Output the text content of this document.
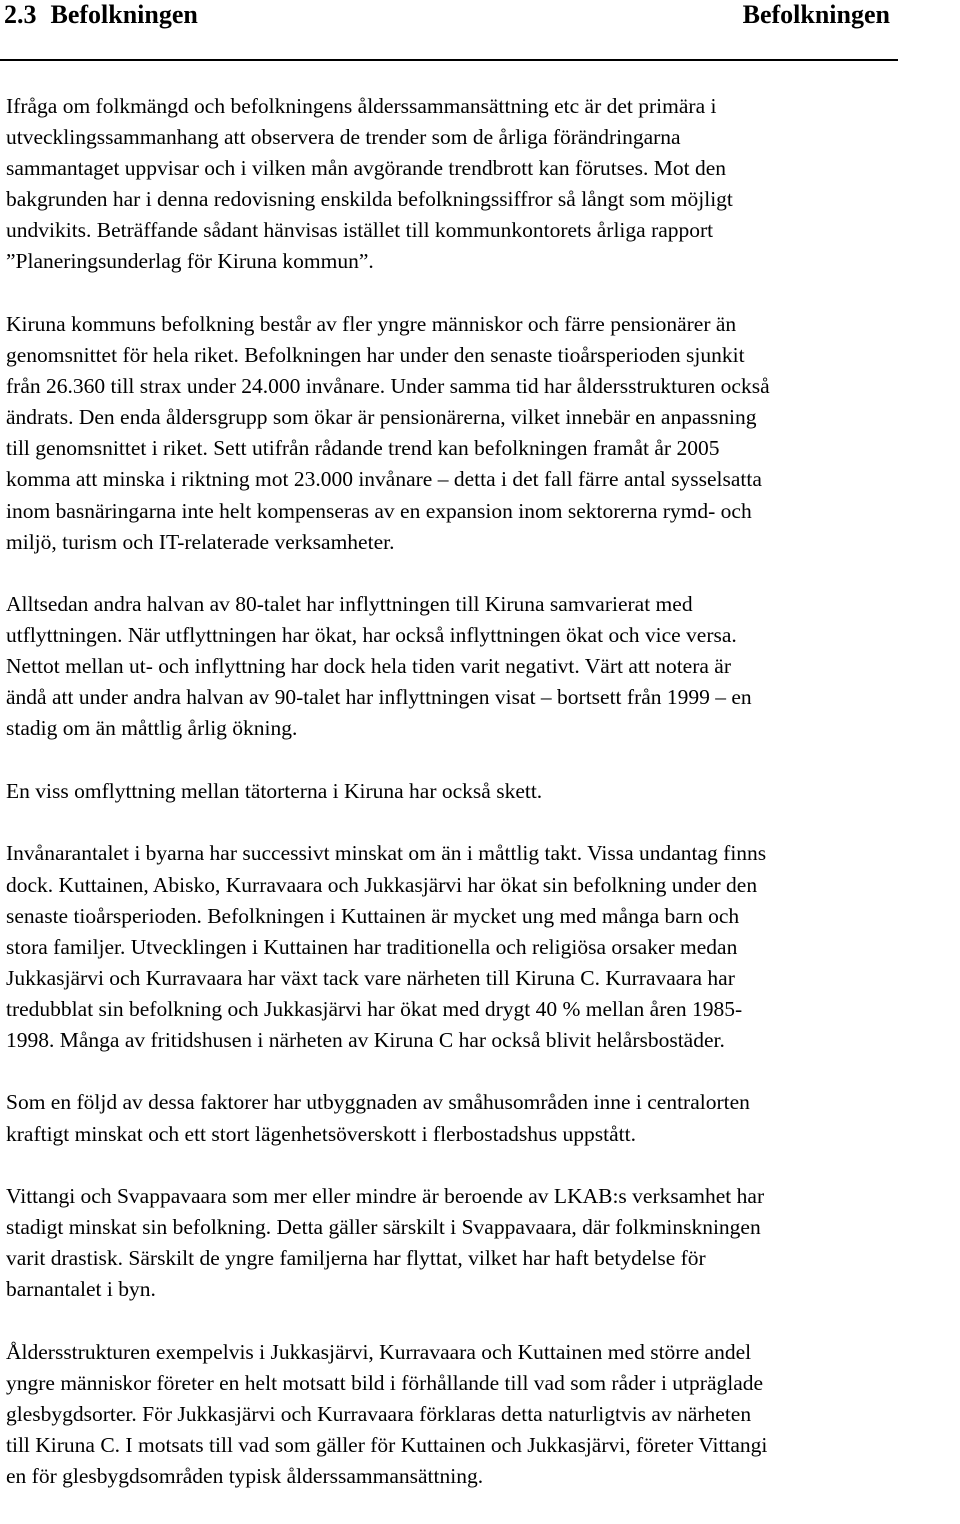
2.3 Befolkningen	Befolkningen

Ifråga om folkmängd och befolkningens ålderssammansättning etc är det primära i
utvecklingssammanhang att observera de trender som de årliga förändringarna
sammantaget uppvisar och i vilken mån avgörande trendbrott kan förutses. Mot den
bakgrunden har i denna redovisning enskilda befolkningssiffror så långt som möjligt
undvikits. Beträffande sådant hänvisas istället till kommunkontorets årliga rapport
”Planeringsunderlag för Kiruna kommun”.

Kiruna kommuns befolkning består av fler yngre människor och färre pensionärer än
genomsnittet för hela riket. Befolkningen har under den senaste tioårsperioden sjunkit
från 26.360 till strax under 24.000 invånare. Under samma tid har åldersstrukturen också
ändrats. Den enda åldersgrupp som ökar är pensionärerna, vilket innebär en anpassning
till genomsnittet i riket. Sett utifrån rådande trend kan befolkningen framåt år 2005
komma att minska i riktning mot 23.000 invånare – detta i det fall färre antal sysselsatta
inom basnäringarna inte helt kompenseras av en expansion inom sektorerna rymd- och
miljö, turism och IT-relaterade verksamheter.

Alltsedan andra halvan av 80-talet har inflyttningen till Kiruna samvarierat med
utflyttningen. När utflyttningen har ökat, har också inflyttningen ökat och vice versa.
Nettot mellan ut- och inflyttning har dock hela tiden varit negativt. Värt att notera är
ändå att under andra halvan av 90-talet har inflyttningen visat – bortsett från 1999 – en
stadig om än måttlig årlig ökning.

En viss omflyttning mellan tätorterna i Kiruna har också skett.

Invånarantalet i byarna har successivt minskat om än i måttlig takt. Vissa undantag finns
dock. Kuttainen, Abisko, Kurravaara och Jukkasjärvi har ökat sin befolkning under den
senaste tioårsperioden. Befolkningen i Kuttainen är mycket ung med många barn och
stora familjer. Utvecklingen i Kuttainen har traditionella och religiösa orsaker medan
Jukkasjärvi och Kurravaara har växt tack vare närheten till Kiruna C. Kurravaara har
tredubblat sin befolkning och Jukkasjärvi har ökat med drygt 40 % mellan åren 1985-
1998. Många av fritidshusen i närheten av Kiruna C har också blivit helårsbostäder.

Som en följd av dessa faktorer har utbyggnaden av småhusområden inne i centralorten
kraftigt minskat och ett stort lägenhetsöverskott i flerbostadshus uppstått.

Vittangi och Svappavaara som mer eller mindre är beroende av LKAB:s verksamhet har
stadigt minskat sin befolkning. Detta gäller särskilt i Svappavaara, där folkminskningen
varit drastisk. Särskilt de yngre familjerna har flyttat, vilket har haft betydelse för
barnantalet i byn.

Åldersstrukturen exempelvis i Jukkasjärvi, Kurravaara och Kuttainen med större andel
yngre människor företer en helt motsatt bild i förhållande till vad som råder i utpräglade
glesbygdsorter. För Jukkasjärvi och Kurravaara förklaras detta naturligtvis av närheten
till Kiruna C. I motsats till vad som gäller för Kuttainen och Jukkasjärvi, företer Vittangi
en för glesbygdsområden typisk ålderssammansättning.
